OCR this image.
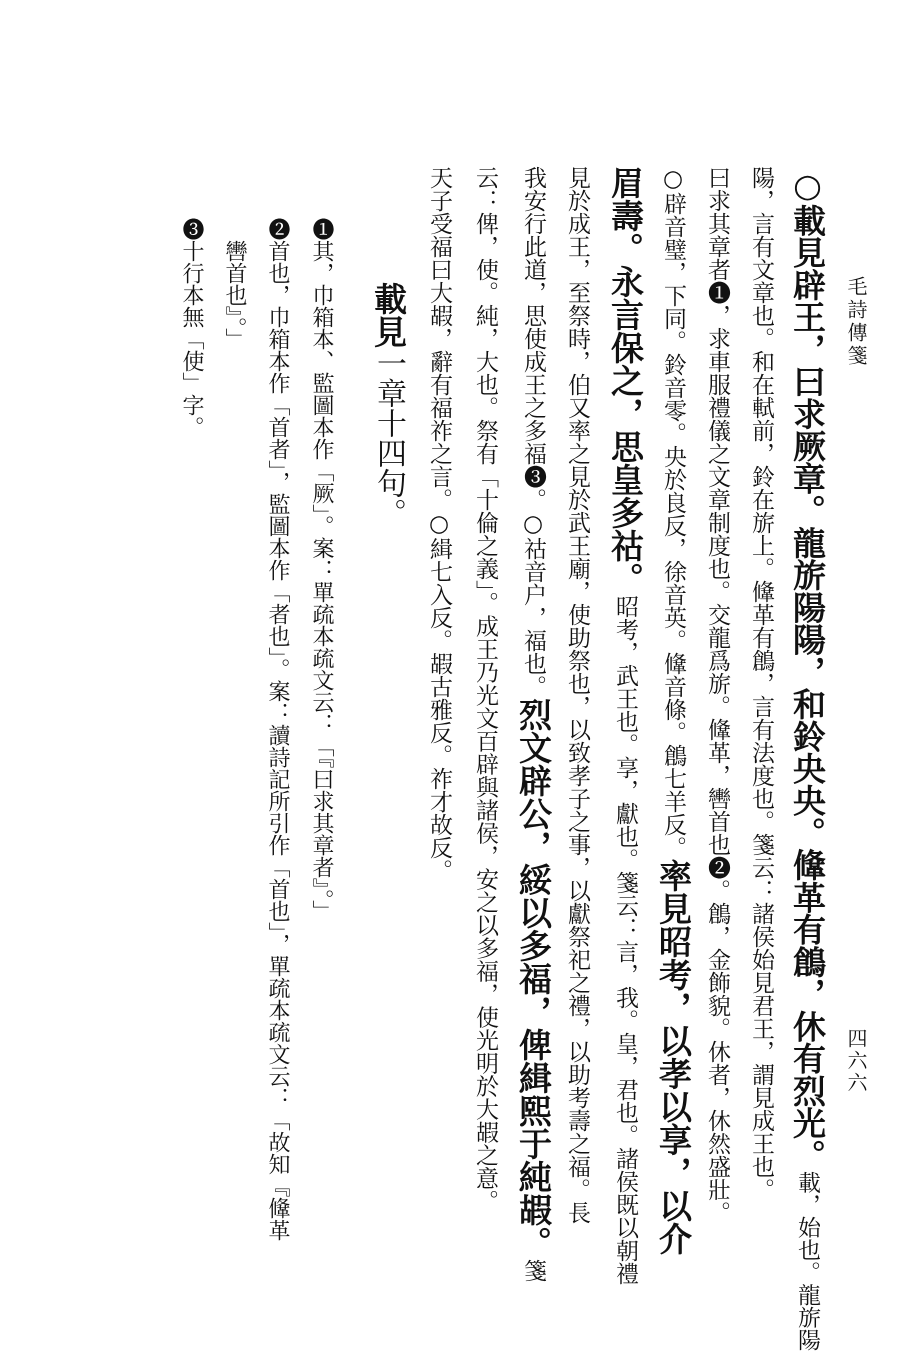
毛詩傳箋
四六六
○載見辟王，曰求厥章。龍旂陽陽，和鈴央央。鞗革有鶬，休有烈光。載，始也。龍旂陽
陽，言有文章也。和在軾前，鈴在旂上。鞗革有鶬，言有法度也。箋云：諸侯始見君王，謂見成王也。
曰求其章者❶，求車服禮儀之文章制度也。交龍爲旂。鞗革，轡首也❷。鶬，金飾貌。休者，休然盛壯。
○辟音璧，下同。鈴音零。央於良反，徐音英。鞗音條。鶬七羊反。率見昭考，以孝以享，以介
眉壽。永言保之，思皇多祜。昭考，武王也。享，獻也。箋云：言，我。皇，君也。諸侯既以朝禮
見於成王，至祭時，伯又率之見於武王廟，使助祭也，以致孝子之事，以獻祭祀之禮，以助考壽之福。長
我安行此道，思使成王之多福❸。○祜音户，福也。烈文辟公，綏以多福，俾緝熙于純嘏。箋
云：俾，使。純，大也。祭有「十倫之義」。成王乃光文百辟與諸侯，安之以多福，使光明於大嘏之意。
天子受福曰大嘏，辭有福祚之言。○緝七入反。嘏古雅反。祚才故反。
載見一章十四句。
❶其，巾箱本、監圖本作「厥」。案：單疏本疏文云：「『曰求其章者』。」
❷首也，巾箱本作「首者」，監圖本作「者也」。案：讀詩記所引作「首也」，單疏本疏文云：「故知『鞗革
轡首也』。」
❸十行本無「使」字。
